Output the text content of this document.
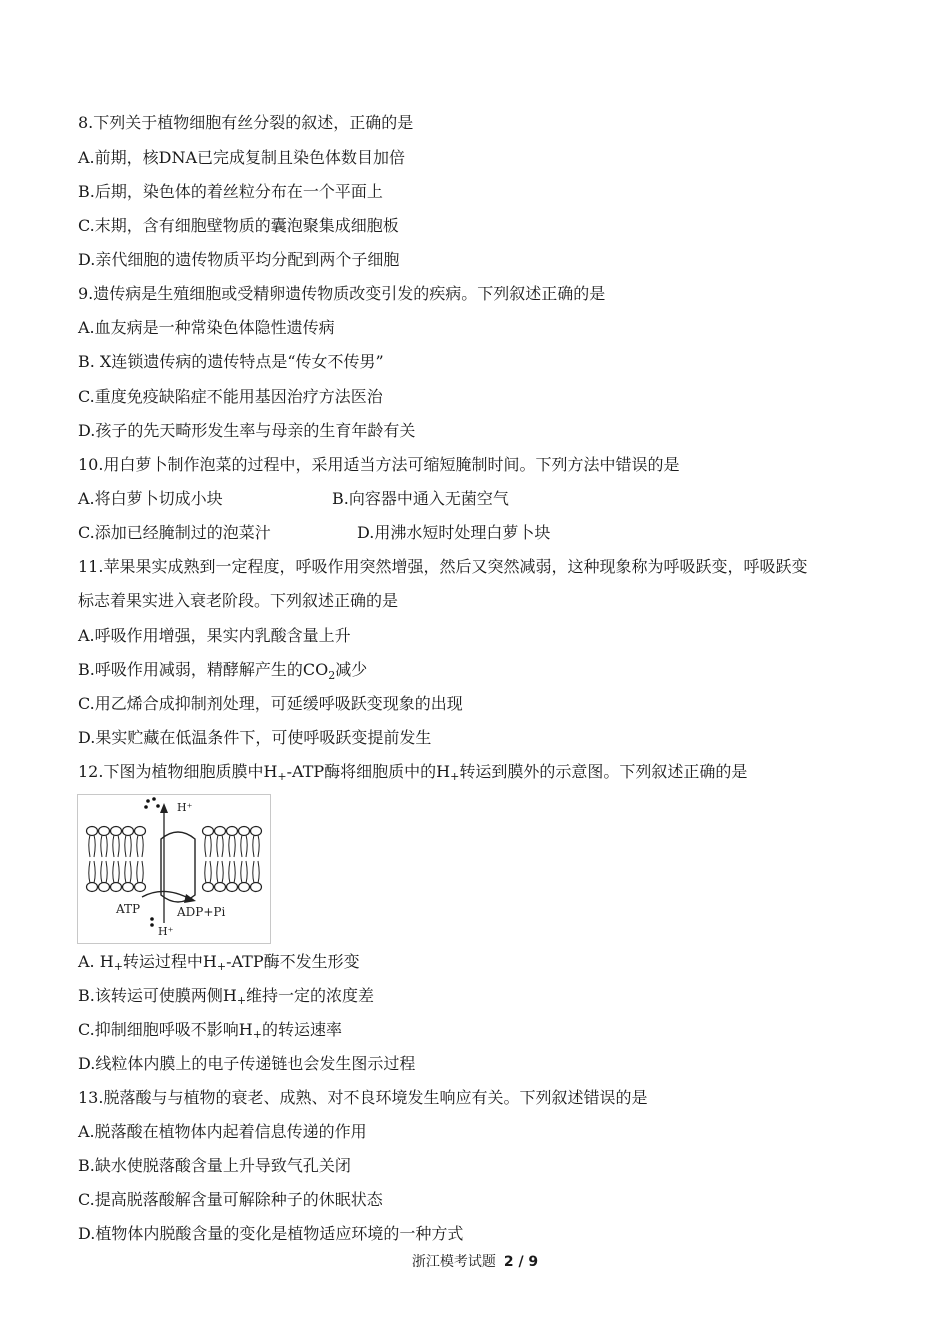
8.下列关于植物细胞有丝分裂的叙述，正确的是
A.前期，核DNA已完成复制且染色体数目加倍
B.后期，染色体的着丝粒分布在一个平面上
C.末期，含有细胞壁物质的囊泡聚集成细胞板
D.亲代细胞的遗传物质平均分配到两个子细胞
9.遗传病是生殖细胞或受精卵遗传物质改变引发的疾病。下列叙述正确的是
A.血友病是一种常染色体隐性遗传病
B. X连锁遗传病的遗传特点是“传女不传男”
C.重度免疫缺陷症不能用基因治疗方法医治
D.孩子的先天畸形发生率与母亲的生育年龄有关
10.用白萝卜制作泡菜的过程中，采用适当方法可缩短腌制时间。下列方法中错误的是
A.将白萝卜切成小块	B.向容器中通入无菌空气
C.添加已经腌制过的泡菜汁	D.用沸水短时处理白萝卜块
11.苹果果实成熟到一定程度，呼吸作用突然增强，然后又突然减弱，这种现象称为呼吸跃变，呼吸跃变
标志着果实进入衰老阶段。下列叙述正确的是
A.呼吸作用增强，果实内乳酸含量上升
B.呼吸作用减弱，精酵解产生的$CO_2$减少
C.用乙烯合成抑制剂处理，可延缓呼吸跃变现象的出现
D.果实贮藏在低温条件下，可使呼吸跃变提前发生
12.下图为植物细胞质膜中H+-ATP酶将细胞质中的H+转运到膜外的示意图。下列叙述正确的是
H⁺
ATP	ADP+Pi
H⁺
A. H+转运过程中H+-ATP酶不发生形变
B.该转运可使膜两侧H+维持一定的浓度差
C.抑制细胞呼吸不影响H+的转运速率
D.线粒体内膜上的电子传递链也会发生图示过程
13.脱落酸与与植物的衰老、成熟、对不良环境发生响应有关。下列叙述错误的是
A.脱落酸在植物体内起着信息传递的作用
B.缺水使脱落酸含量上升导致气孔关闭
C.提高脱落酸解含量可解除种子的休眠状态
D.植物体内脱酸含量的变化是植物适应环境的一种方式
浙江模考试题 2 / 9
